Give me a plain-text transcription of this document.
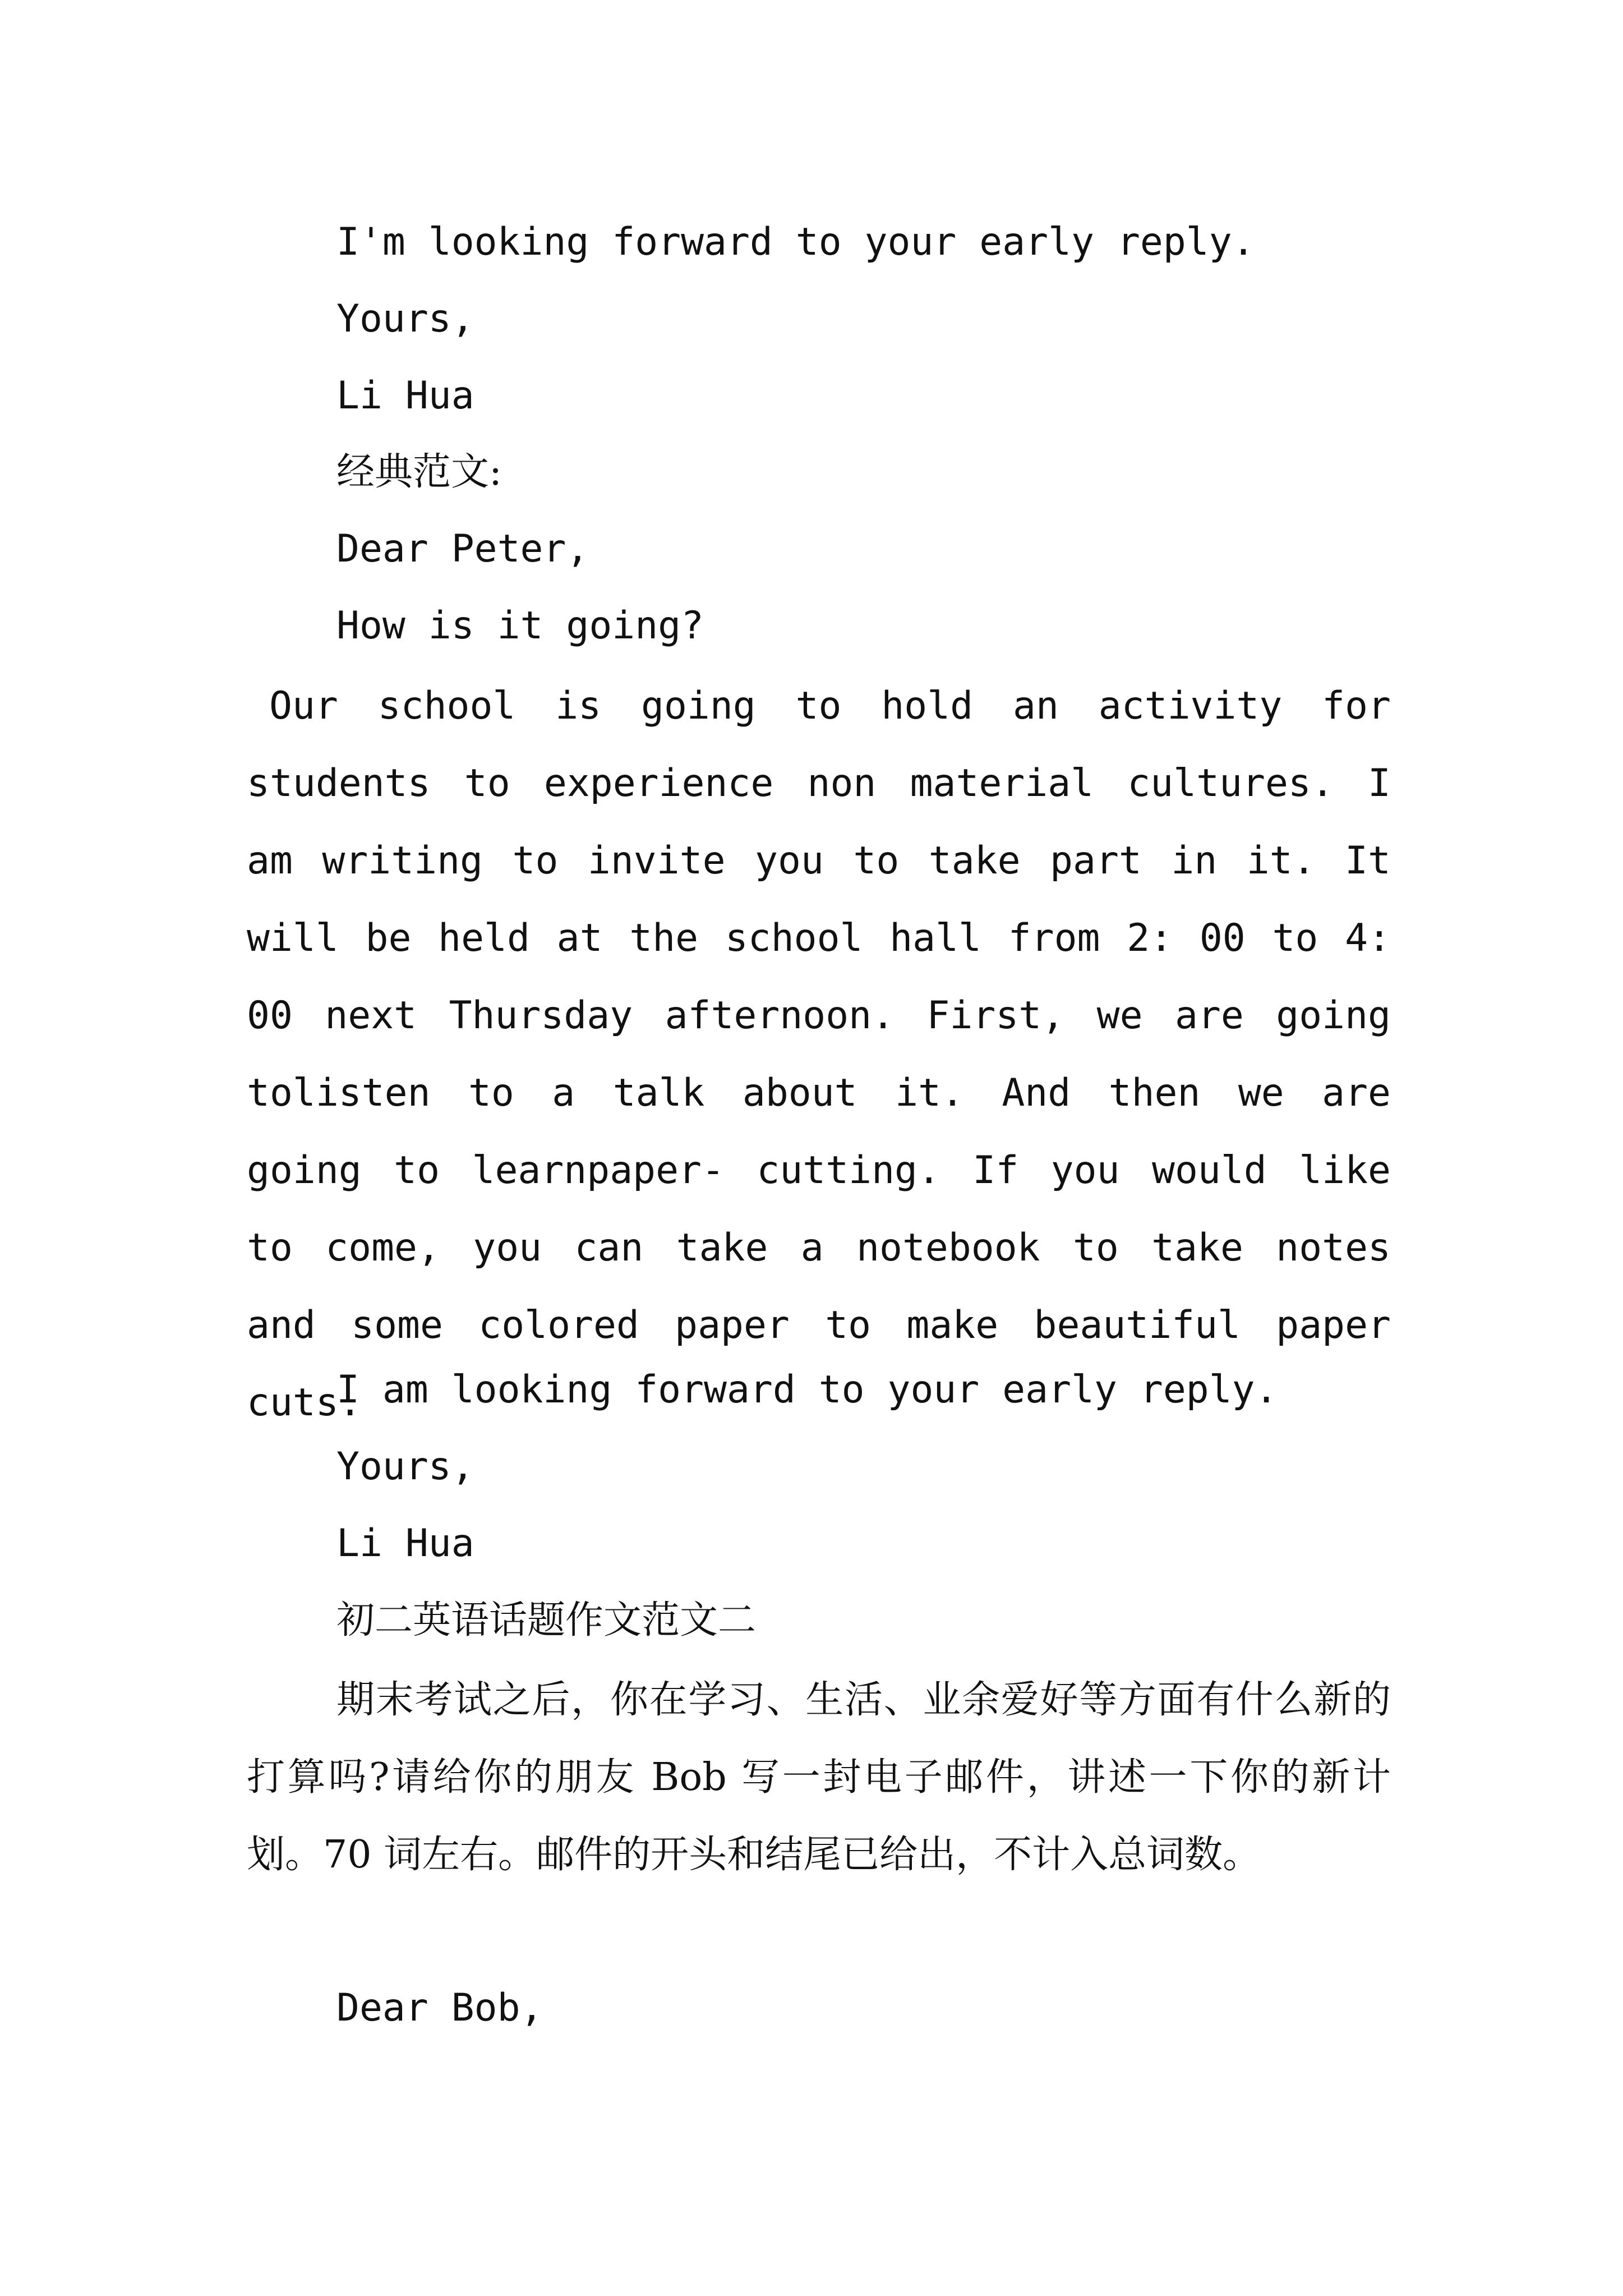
I'm looking forward to your early reply.
Yours,
Li Hua
经典范文:
Dear Peter,
How is it going?

Our school is going to hold an activity for students to experience non material cultures. I am writing to invite you to take part in it. It will be held at the school hall from 2: 00 to 4: 00 next Thursday afternoon. First, we are going tolisten to a talk about it. And then we are going to learnpaper- cutting. If you would like to come, you can take a notebook to take notes and some colored paper to make beautiful paper cuts.

I am looking forward to your early reply.
Yours,
Li Hua
初二英语话题作文范文二

期末考试之后，你在学习、生活、业余爱好等方面有什么新的打算吗?请给你的朋友 Bob 写一封电子邮件，讲述一下你的新计划。70 词左右。邮件的开头和结尾已给出，不计入总词数。

Dear Bob,
